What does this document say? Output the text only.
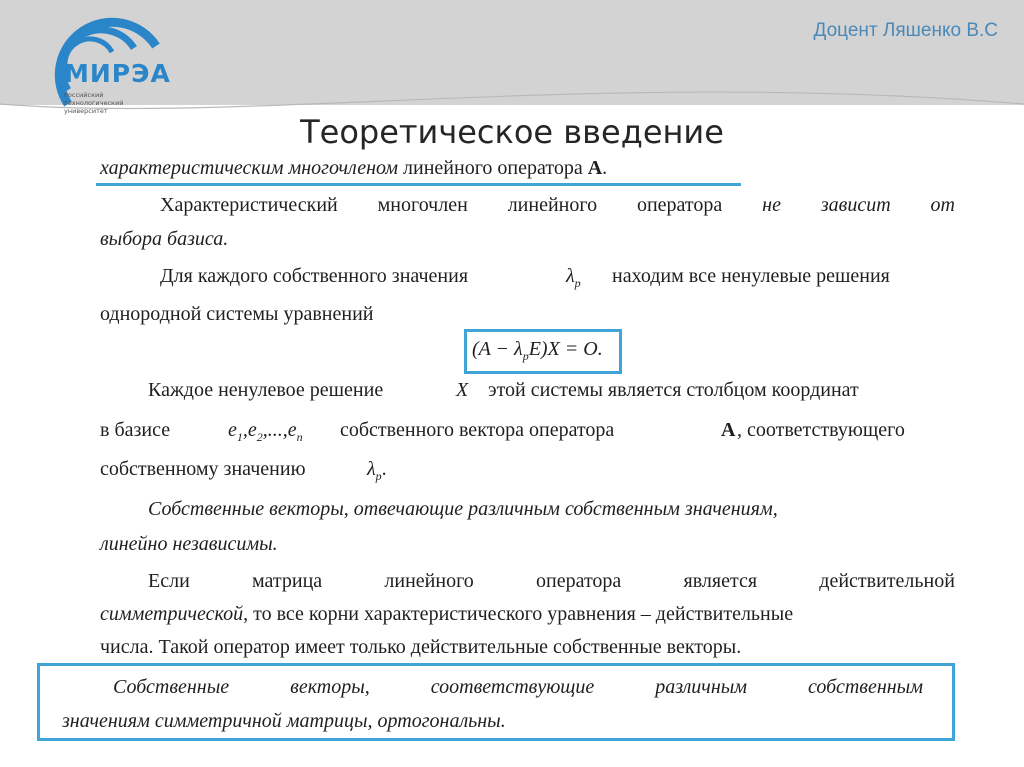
МИРЭА
Российский технологический университет
Доцент Ляшенко В.С
Теоретическое введение
характеристическим многочленом линейного оператора A.
Характеристический многочлен линейного оператора не зависит от
выбора базиса.
Для каждого собственного значения	$\lambda_p$ находим все ненулевые решения
однородной системы уравнений
$(A - \lambda_pE)X = O$.
Каждое ненулевое решение	X этой системы является столбцом координат
в базисе	$e_1,e_2,...,e_n$ собственного вектора оператора	A , соответствующего
собственному значению	$\lambda_p$.
Собственные векторы, отвечающие различным собственным значениям,
линейно независимы.
Если	матрица	линейного	оператора	является	действительной
симметрической, то все корни характеристического уравнения – действительные
числа. Такой оператор имеет только действительные собственные векторы.
Собственные	векторы,	соответствующие	различным	собственным
значениям симметричной матрицы, ортогональны.
